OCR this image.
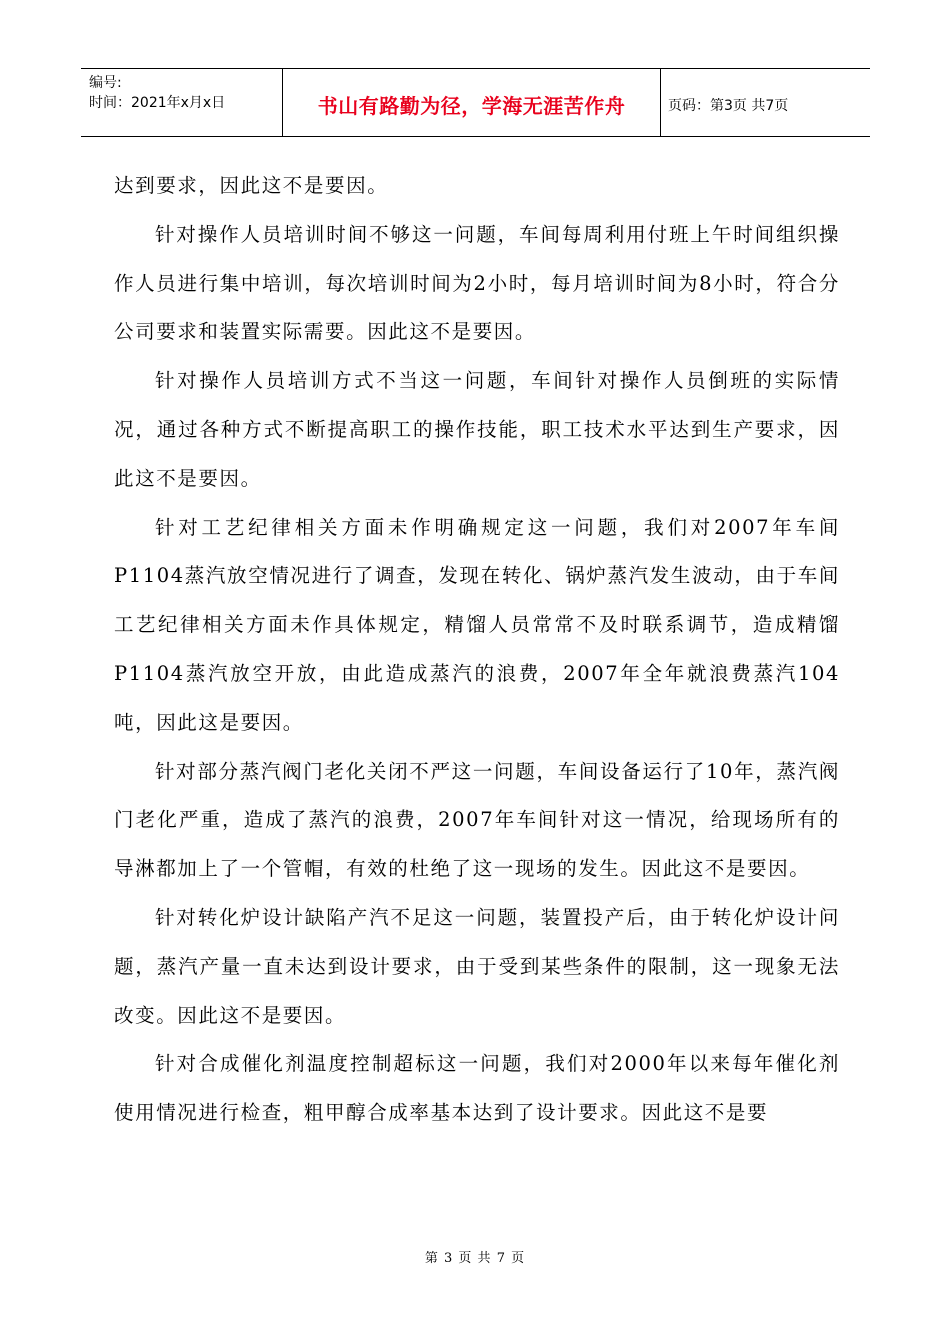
编号:
时间：2021年x月x日	书山有路勤为径，学海无涯苦作舟	页码：第3页 共7页

达到要求，因此这不是要因。

针对操作人员培训时间不够这一问题，车间每周利用付班上午时间组织操作人员进行集中培训，每次培训时间为2小时，每月培训时间为8小时，符合分公司要求和装置实际需要。因此这不是要因。

针对操作人员培训方式不当这一问题，车间针对操作人员倒班的实际情况，通过各种方式不断提高职工的操作技能，职工技术水平达到生产要求，因此这不是要因。

针对工艺纪律相关方面未作明确规定这一问题，我们对2007年车间P1104蒸汽放空情况进行了调查，发现在转化、锅炉蒸汽发生波动，由于车间工艺纪律相关方面未作具体规定，精馏人员常常不及时联系调节，造成精馏P1104蒸汽放空开放，由此造成蒸汽的浪费，2007年全年就浪费蒸汽104吨，因此这是要因。

针对部分蒸汽阀门老化关闭不严这一问题，车间设备运行了10年，蒸汽阀门老化严重，造成了蒸汽的浪费，2007年车间针对这一情况，给现场所有的导淋都加上了一个管帽，有效的杜绝了这一现场的发生。因此这不是要因。

针对转化炉设计缺陷产汽不足这一问题，装置投产后，由于转化炉设计问题，蒸汽产量一直未达到设计要求，由于受到某些条件的限制，这一现象无法改变。因此这不是要因。

针对合成催化剂温度控制超标这一问题，我们对2000年以来每年催化剂使用情况进行检查，粗甲醇合成率基本达到了设计要求。因此这不是要

第 3 页 共 7 页
